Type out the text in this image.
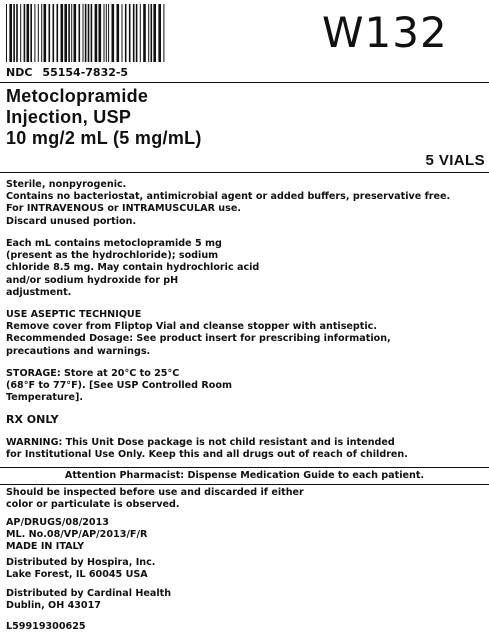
W132
NDC 55154-7832-5
Metoclopramide
Injection, USP
10 mg/2 mL (5 mg/mL)
5 VIALS
Sterile, nonpyrogenic.
Contains no bacteriostat, antimicrobial agent or added buffers, preservative free.
For INTRAVENOUS or INTRAMUSCULAR use.
Discard unused portion.
Each mL contains metoclopramide 5 mg
(present as the hydrochloride); sodium
chloride 8.5 mg. May contain hydrochloric acid
and/or sodium hydroxide for pH
adjustment.
USE ASEPTIC TECHNIQUE
Remove cover from Fliptop Vial and cleanse stopper with antiseptic.
Recommended Dosage: See product insert for prescribing information,
precautions and warnings.
STORAGE: Store at 20°C to 25°C
(68°F to 77°F). [See USP Controlled Room
Temperature].
RX ONLY
WARNING: This Unit Dose package is not child resistant and is intended
for Institutional Use Only. Keep this and all drugs out of reach of children.
Attention Pharmacist: Dispense Medication Guide to each patient.
Should be inspected before use and discarded if either
color or particulate is observed.
AP/DRUGS/08/2013
ML. No.08/VP/AP/2013/F/R
MADE IN ITALY
Distributed by Hospira, Inc.
Lake Forest, IL 60045 USA
Distributed by Cardinal Health
Dublin, OH 43017
L59919300625
